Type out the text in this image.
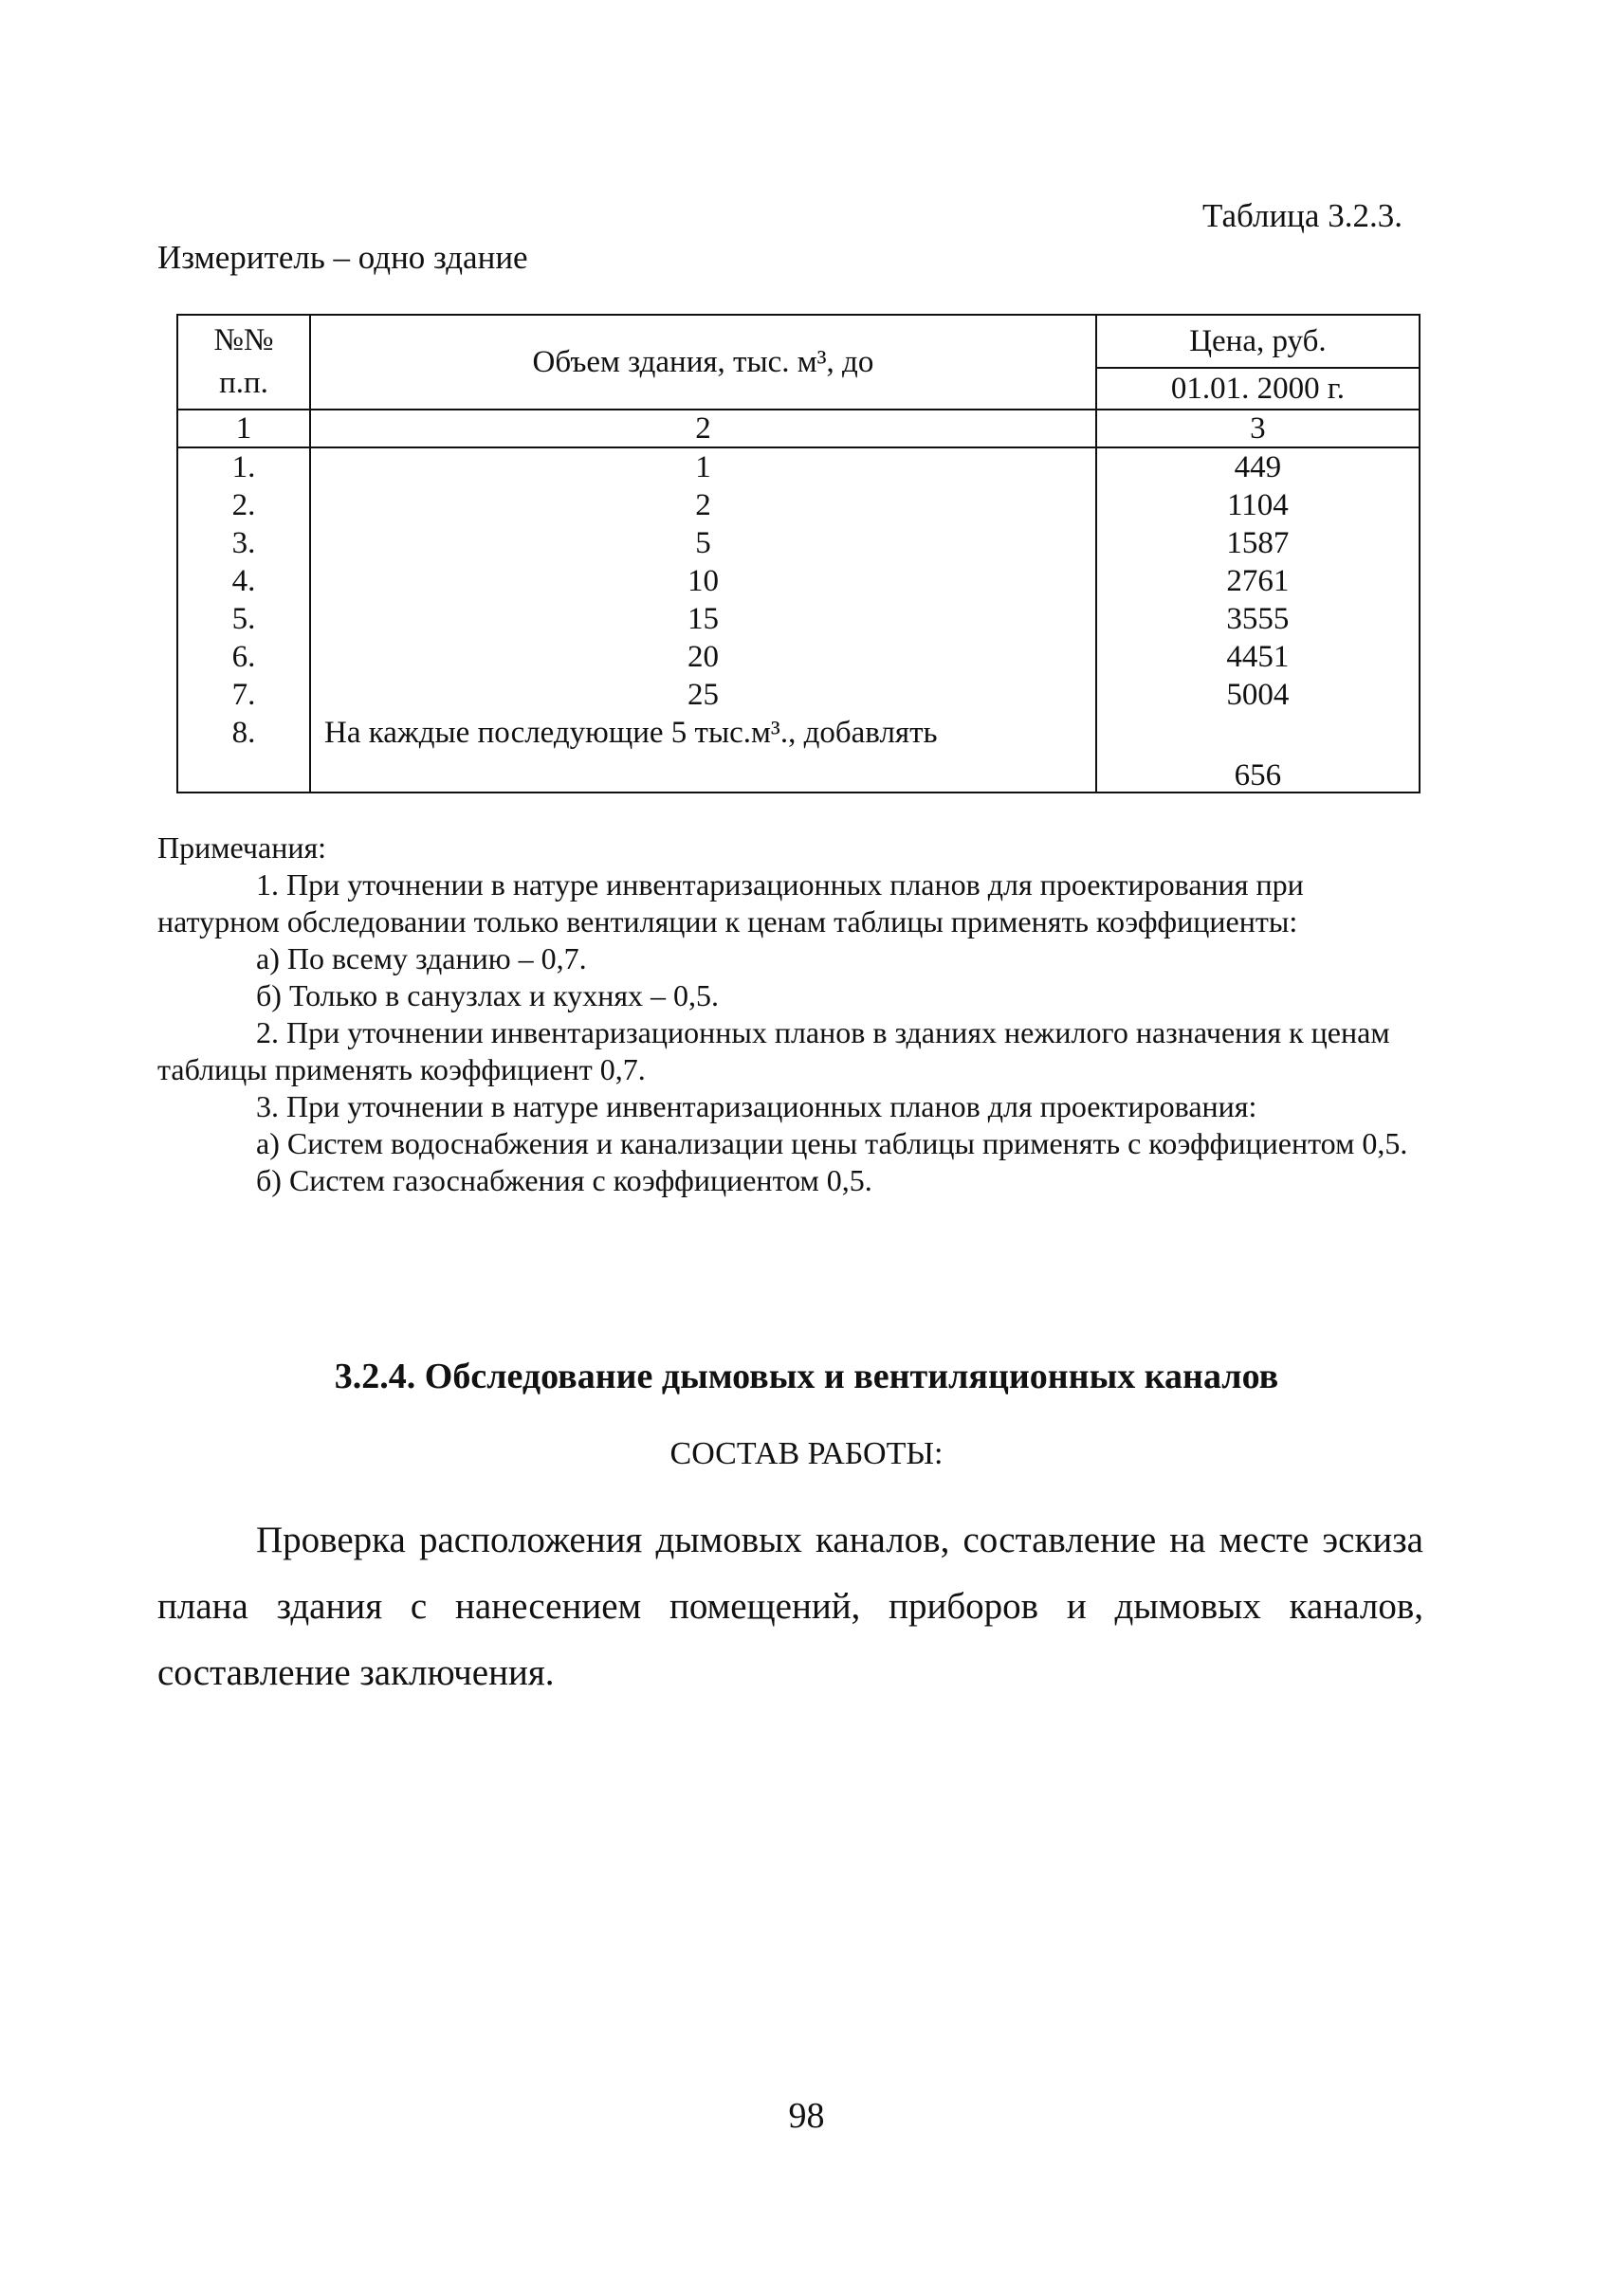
Таблица 3.2.3.
Измеритель – одно здание
№№
п.п.	Объем здания, тыс. м³, до	Цена, руб.
		01.01. 2000 г.
1	2	3
1.	1	449
2.	2	1104
3.	5	1587
4.	10	2761
5.	15	3555
6.	20	4451
7.	25	5004
8.	На каждые последующие 5 тыс.м³., добавлять	656

Примечания:

1. При уточнении в натуре инвентаризационных планов для проектирования при натурном обследовании только вентиляции к ценам таблицы применять коэффициенты:

а) По всему зданию – 0,7.

б) Только в санузлах и кухнях – 0,5.

2. При уточнении инвентаризационных планов в зданиях нежилого назначения к ценам таблицы применять коэффициент 0,7.

3. При уточнении в натуре инвентаризационных планов для проектирования:

а) Систем водоснабжения и канализации цены таблицы применять с коэффициентом 0,5.

б) Систем газоснабжения с коэффициентом 0,5.

3.2.4. Обследование дымовых и вентиляционных каналов
СОСТАВ РАБОТЫ:

Проверка расположения дымовых каналов, составление на месте эскиза плана здания с нанесением помещений, приборов и дымовых каналов, составление заключения.

98
